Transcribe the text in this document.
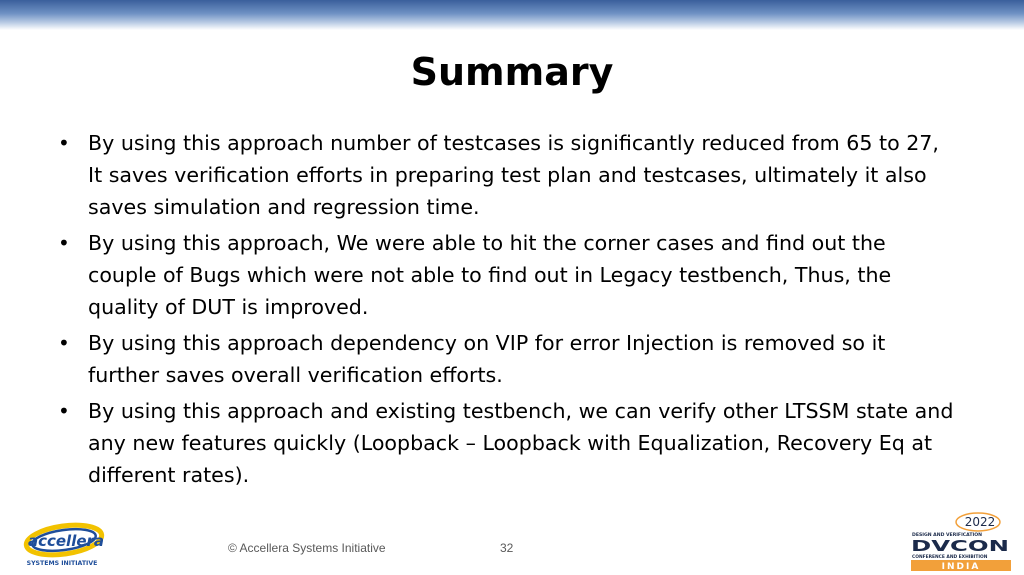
Summary
• By using this approach number of testcases is significantly reduced from 65 to 27, It saves verification efforts in preparing test plan and testcases, ultimately it also saves simulation and regression time.
• By using this approach, We were able to hit the corner cases and find out the couple of Bugs which were not able to find out in Legacy testbench, Thus, the quality of DUT is improved.
• By using this approach dependency on VIP for error Injection is removed so it further saves overall verification efforts.
• By using this approach and existing testbench, we can verify other LTSSM state and any new features quickly (Loopback – Loopback with Equalization, Recovery Eq at different rates).
accellera
SYSTEMS INITIATIVE
© Accellera Systems Initiative	32
2022
DESIGN AND VERIFICATION
DVCON
CONFERENCE AND EXHIBITION
INDIA
